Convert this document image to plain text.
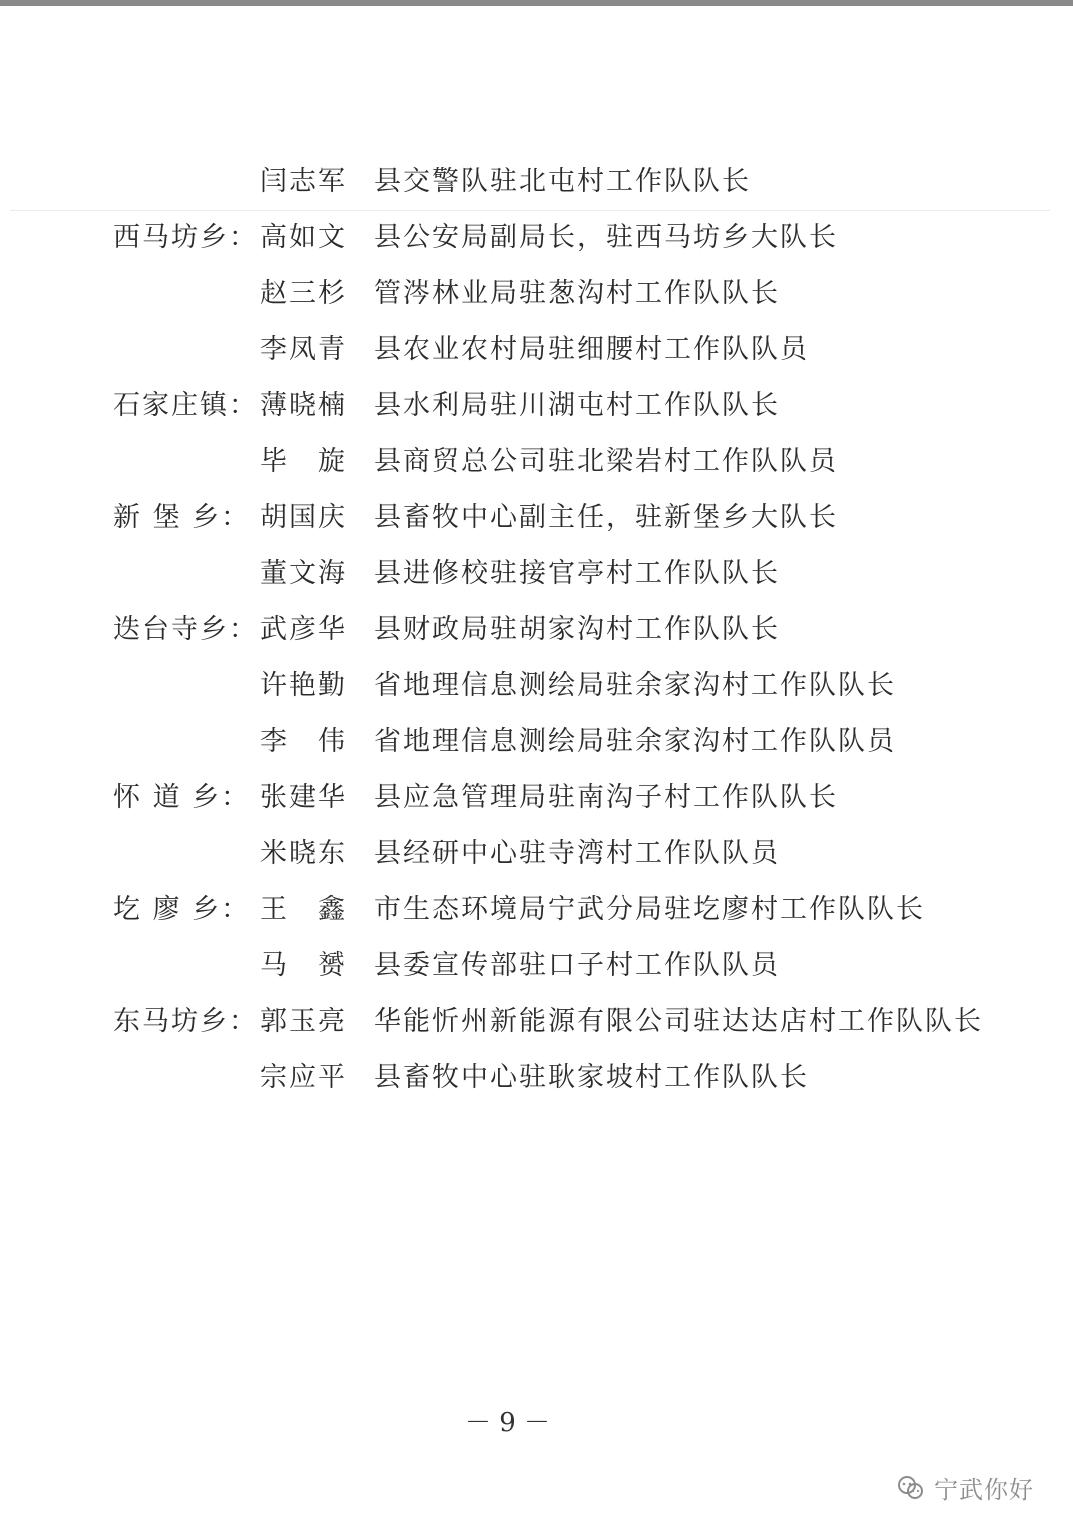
闫志军	县交警队驻北屯村工作队队长
西马坊乡： 高如文	县公安局副局长，驻西马坊乡大队长
赵三杉	管涔林业局驻葱沟村工作队队长
李凤青	县农业农村局驻细腰村工作队队员
石家庄镇： 薄晓楠	县水利局驻川湖屯村工作队队长
毕　旋	县商贸总公司驻北梁岩村工作队队员
新 堡 乡： 胡国庆	县畜牧中心副主任，驻新堡乡大队长
董文海	县进修校驻接官亭村工作队队长
迭台寺乡： 武彦华	县财政局驻胡家沟村工作队队长
许艳勤	省地理信息测绘局驻余家沟村工作队队长
李　伟	省地理信息测绘局驻余家沟村工作队队员
怀 道 乡： 张建华	县应急管理局驻南沟子村工作队队长
米晓东	县经研中心驻寺湾村工作队队员
圪 廖 乡： 王　鑫	市生态环境局宁武分局驻圪廖村工作队队长
马　赟	县委宣传部驻口子村工作队队员
东马坊乡： 郭玉亮	华能忻州新能源有限公司驻达达店村工作队队长
宗应平	县畜牧中心驻耿家坡村工作队队长
－ 9 －
宁武你好
